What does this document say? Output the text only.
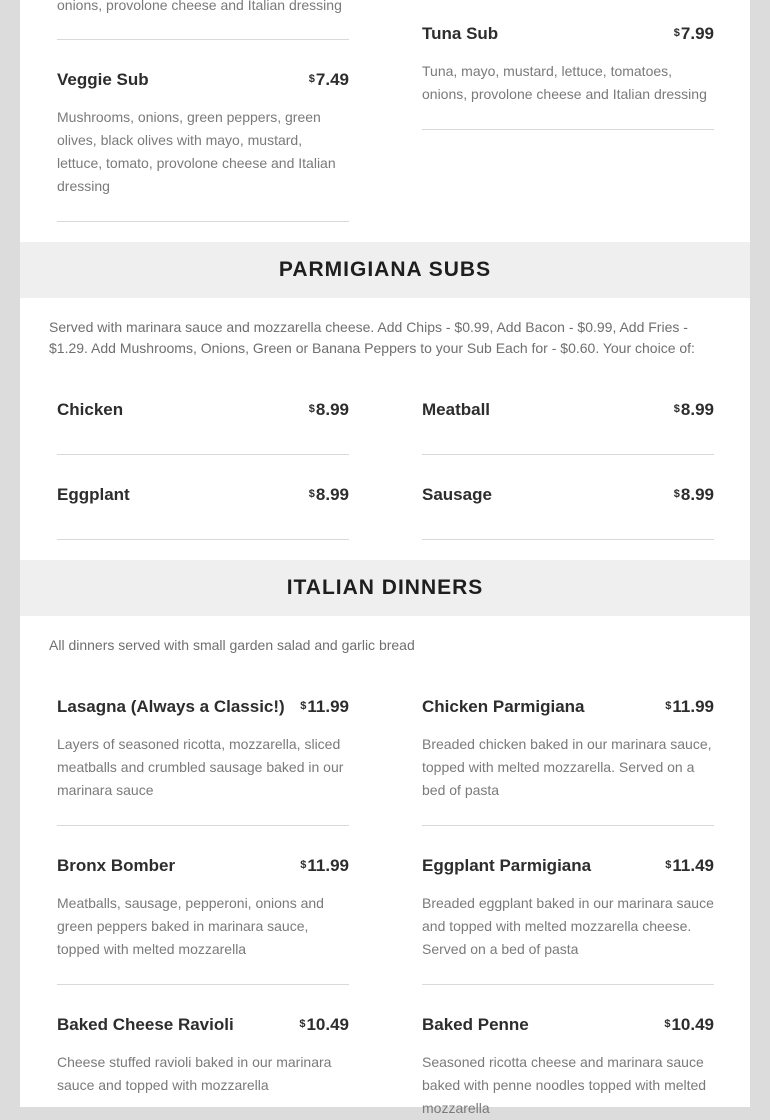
onions, provolone cheese and Italian dressing
Veggie Sub	$7.49
Mushrooms, onions, green peppers, green olives, black olives with mayo, mustard, lettuce, tomato, provolone cheese and Italian dressing
Tuna Sub	$7.99
Tuna, mayo, mustard, lettuce, tomatoes, onions, provolone cheese and Italian dressing
PARMIGIANA SUBS
Served with marinara sauce and mozzarella cheese. Add Chips - $0.99, Add Bacon - $0.99, Add Fries - $1.29. Add Mushrooms, Onions, Green or Banana Peppers to your Sub Each for - $0.60. Your choice of:
Chicken	$8.99	Meatball	$8.99
Eggplant	$8.99	Sausage	$8.99
ITALIAN DINNERS
All dinners served with small garden salad and garlic bread
Lasagna (Always a Classic!) $11.99
Layers of seasoned ricotta, mozzarella, sliced meatballs and crumbled sausage baked in our marinara sauce
Chicken Parmigiana	$11.99
Breaded chicken baked in our marinara sauce, topped with melted mozzarella. Served on a bed of pasta
Bronx Bomber	$11.99
Meatballs, sausage, pepperoni, onions and green peppers baked in marinara sauce, topped with melted mozzarella
Eggplant Parmigiana	$11.49
Breaded eggplant baked in our marinara sauce and topped with melted mozzarella cheese. Served on a bed of pasta
Baked Cheese Ravioli	$10.49
Cheese stuffed ravioli baked in our marinara sauce and topped with mozzarella
Baked Penne	$10.49
Seasoned ricotta cheese and marinara sauce baked with penne noodles topped with melted mozzarella
